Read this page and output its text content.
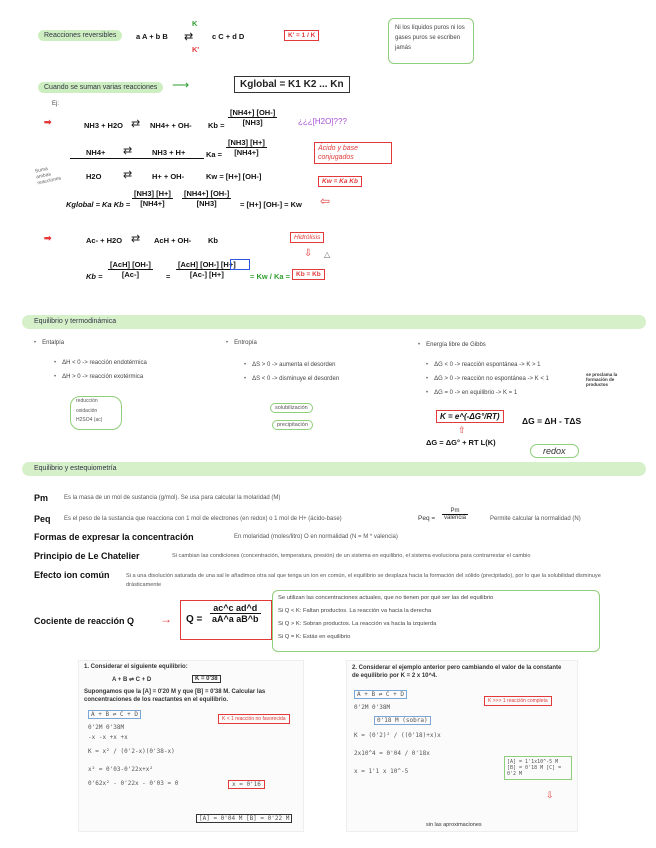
Reacciones reversibles	a A + b B
K
⇄
K'
c C + d D	K' = 1 / K
Ni los líquidos puros ni los gases puros se escriben jamás
Cuando se suman varias reacciones	⟶	Kglobal = K1 K2 ... Kn
Ej:
➡	NH3 + H2O ⇄ NH4+ + OH- $Kb = \frac{[NH4+] [OH-]}{[NH3]}$	¿¿¿[H2O]???
NH4+ ⇄	NH3 + H+	$Ka = \frac{[NH3] [H+]}{[NH4+]}$	Ácido y base conjugados
H2O ⇄	H+ + OH-	Kw = [H+] [OH-]
Kw = Ka Kb
Suma ambas reacciones
Kglobal = Ka $Kb = \frac{[NH3] [H+]}{[NH4+]} \frac{[NH4+] [OH-]}{[NH3]} = [H+] [OH-] = Kw$ ⇦
➡	Ac- + H2O ⇄ AcH + OH- Kb	Hidrólisis
⇩ △
Kb =
[AcH] [OH-]
[Ac-]	=
[AcH] [OH-] [H+]
[Ac-] [H+]	= Kw / Ka = Kb = Kb
Equilibrio y termodinámica
• Entalpía
• ΔH < 0 -> reacción endotérmica
• ΔH > 0 -> reacción exotérmica
reducción
oxidación
H2SO4 (ac)
• Entropía
• ΔS > 0 -> aumenta el desorden
• ΔS < 0 -> disminuye el desorden
solubilización
precipitación
• Energía libre de Gibbs
• ΔG < 0 -> reacción espontánea -> K > 1
• ΔG > 0 -> reacción no espontánea -> K < 1
• ΔG = 0 -> en equilibrio -> K = 1
se proclama la formación de productos
K = e^(-ΔG°/RT)
⇧
ΔG = ΔH - TΔS
ΔG = ΔG° + RT L(K)
redox
Equilibrio y estequiometría
Pm	Es la masa de un mol de sustancia (g/mol). Se usa para calcular la molaridad (M)
Peq Es el peso de la sustancia que reacciona con 1 mol de electrones (en redox) o 1 mol de H+ (ácido-base)	Peq =
Pm
valencia	Permite calcular la normalidad (N)
Formas de expresar la concentración	En molaridad (moles/litro) O en normalidad (N = M * valencia)
Principio de Le Chatelier	Si cambian las condiciones (concentración, temperatura, presión) de un sistema en equilibrio, el sistema evoluciona para contrarrestar el cambio
Efecto ion común	Si a una disolución saturada de una sal le añadimos otra sal que tenga un ion en común, el equilibrio se desplaza hacia la formación del sólido (precipitado), por lo que la solubilidad disminuye drásticamente
Cociente de reacción $Q \to Q = \frac{\text{ac\textasciicircum{}c ad\textasciicircum{}d}}{\text{aA\textasciicircum{}a aB\textasciicircum{}b}}$
Se utilizan las concentraciones actuales, que no tienen por qué ser las del equilibrio
Si Q < K: Faltan productos. La reacción va hacia la derecha
Si Q > K: Sobran productos. La reacción va hacia la izquierda
Si Q = K: Estás en equilibrio
1. Considerar el siguiente equilibrio:
A + B ⇌ C + D	K = 0'38
Supongamos que la [A] = 0'20 M y que [B] = 0'38 M. Calcular las concentraciones de los reactantes en el equilibrio.
A + B ⇌ C + D
K < 1 reacción no favorecida
0'2M 0'38M
-x -x +x +x
K = x² / (0'2-x)(0'38-x)
x² = 0'03-0'22x+x²
0'62x² - 0'22x - 0'03 = 0	x = 0'16
[A] = 0'04 M [B] = 0'22 M
2. Considerar el ejemplo anterior pero cambiando el valor de la constante de equilibrio por K = 2 x 10^4.
A + B ⇌ C + D
K >>> 1 reacción completa
0'2M 0'38M
0'18 M (sobra)
K = (0'2)² / ((0'18)+x)x
2x10^4 = 0'04 / 0'18x
x = 1'1 x 10^-5
[A] = 1'1x10^-5 M [B] = 0'18 M [C] = 0'2 M
⇩
sin las aproximaciones
